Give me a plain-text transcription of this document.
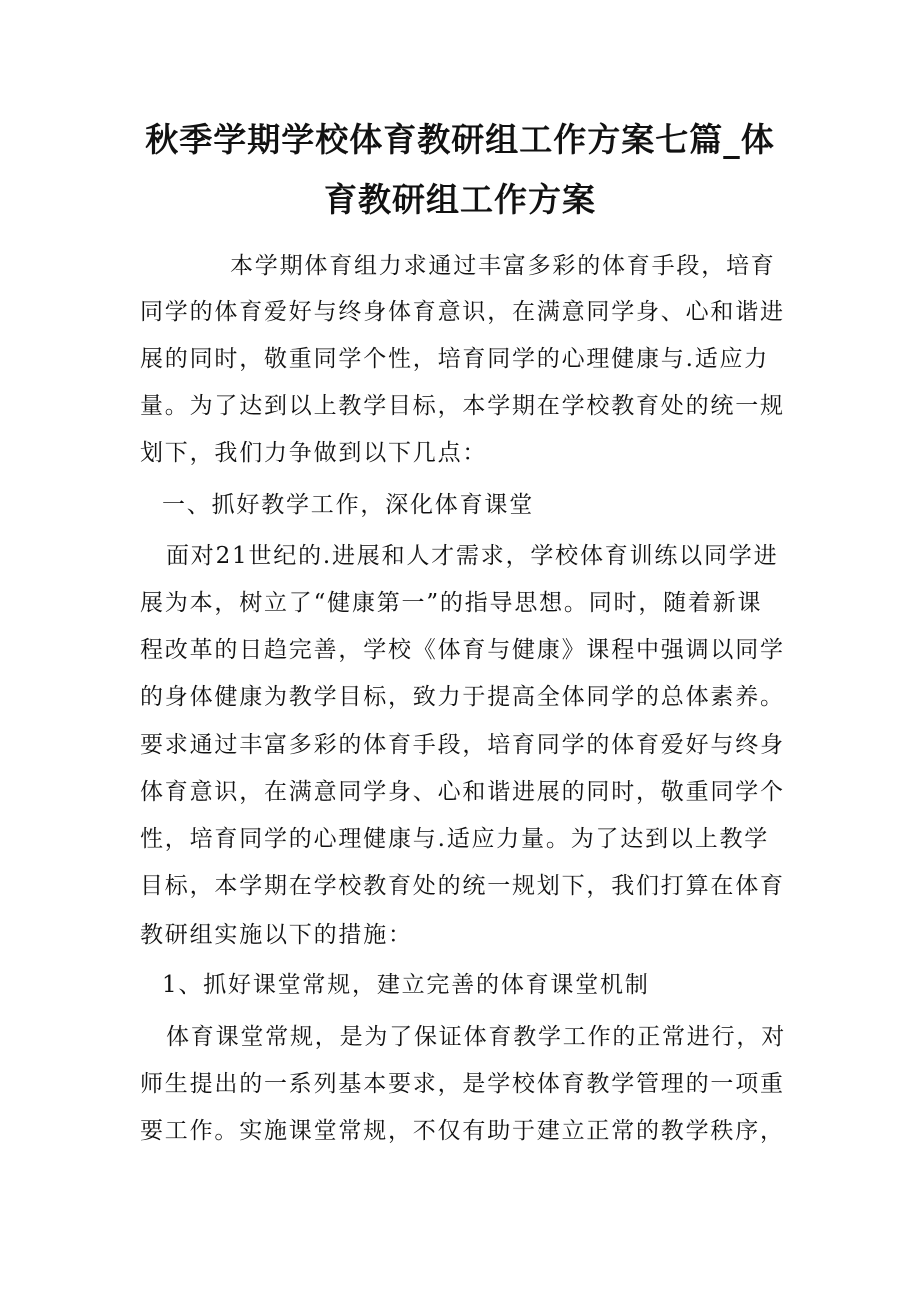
秋季学期学校体育教研组工作方案七篇_体
育教研组工作方案
本学期体育组力求通过丰富多彩的体育手段，培育
同学的体育爱好与终身体育意识，在满意同学身、心和谐进
展的同时，敬重同学个性，培育同学的心理健康与.适应力
量。为了达到以上教学目标，本学期在学校教育处的统一规
划下，我们力争做到以下几点：
一、抓好教学工作，深化体育课堂
面对21世纪的.进展和人才需求，学校体育训练以同学进
展为本，树立了“健康第一”的指导思想。同时，随着新课
程改革的日趋完善，学校《体育与健康》课程中强调以同学
的身体健康为教学目标，致力于提高全体同学的总体素养。
要求通过丰富多彩的体育手段，培育同学的体育爱好与终身
体育意识，在满意同学身、心和谐进展的同时，敬重同学个
性，培育同学的心理健康与.适应力量。为了达到以上教学
目标，本学期在学校教育处的统一规划下，我们打算在体育
教研组实施以下的措施：
1、抓好课堂常规，建立完善的体育课堂机制
体育课堂常规，是为了保证体育教学工作的正常进行，对
师生提出的一系列基本要求，是学校体育教学管理的一项重
要工作。实施课堂常规，不仅有助于建立正常的教学秩序，
